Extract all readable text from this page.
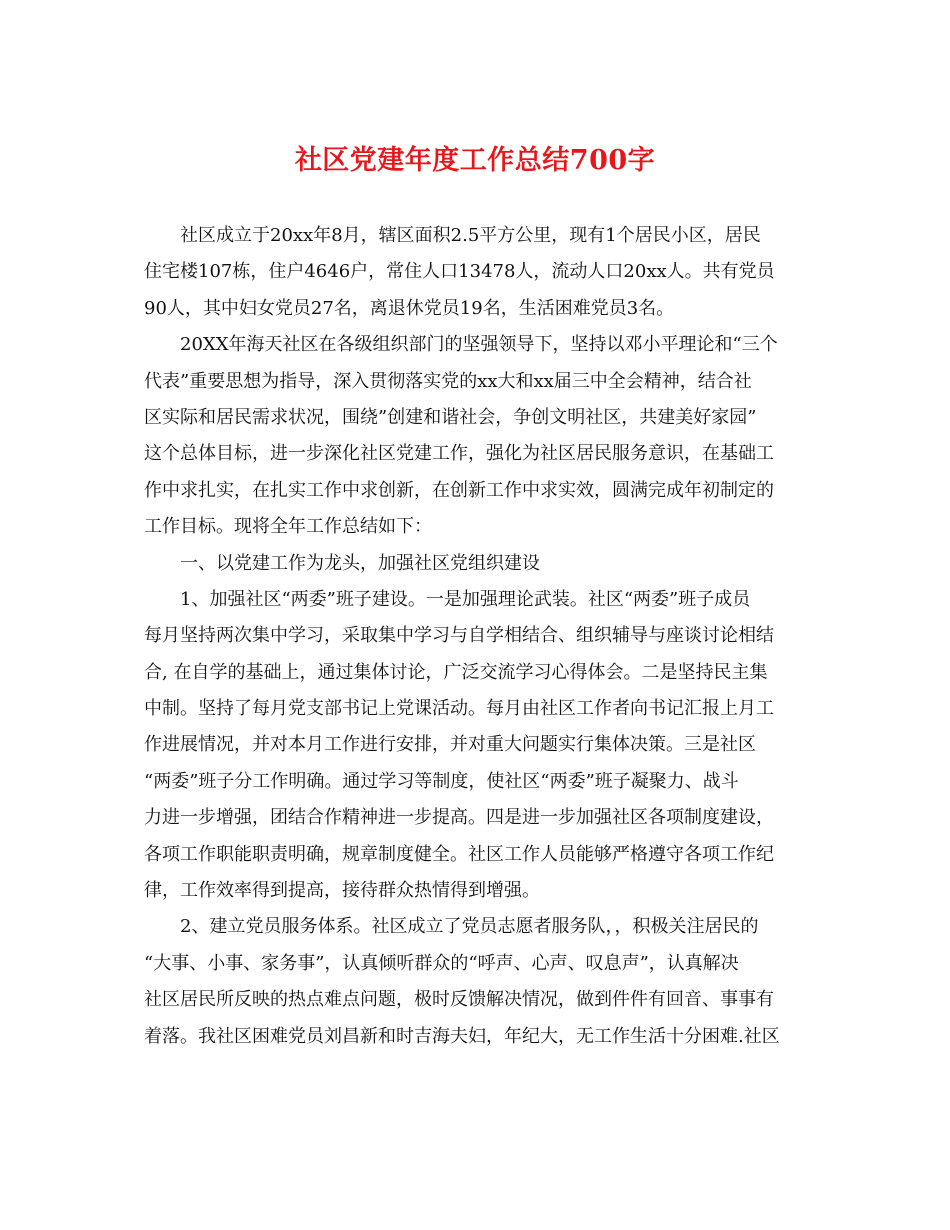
社区党建年度工作总结700字

社区成立于20xx年8月，辖区面积2.5平方公里，现有1个居民小区，居民

住宅楼107栋，住户4646户，常住人口13478人，流动人口20xx人。共有党员

90人，其中妇女党员27名，离退休党员19名，生活困难党员3名。

20XX年海天社区在各级组织部门的坚强领导下，坚持以邓小平理论和“三个

代表”重要思想为指导，深入贯彻落实党的xx大和xx届三中全会精神，结合社

区实际和居民需求状况，围绕”创建和谐社会，争创文明社区，共建美好家园”

这个总体目标，进一步深化社区党建工作，强化为社区居民服务意识，在基础工

作中求扎实，在扎实工作中求创新，在创新工作中求实效，圆满完成年初制定的

工作目标。现将全年工作总结如下：

一、以党建工作为龙头，加强社区党组织建设

1、加强社区“两委”班子建设。一是加强理论武装。社区“两委”班子成员

每月坚持两次集中学习，采取集中学习与自学相结合、组织辅导与座谈讨论相结

合, 在自学的基础上，通过集体讨论，广泛交流学习心得体会。二是坚持民主集

中制。坚持了每月党支部书记上党课活动。每月由社区工作者向书记汇报上月工

作进展情况，并对本月工作进行安排，并对重大问题实行集体决策。三是社区

“两委”班子分工作明确。通过学习等制度，使社区“两委”班子凝聚力、战斗

力进一步增强，团结合作精神进一步提高。四是进一步加强社区各项制度建设，

各项工作职能职责明确，规章制度健全。社区工作人员能够严格遵守各项工作纪

律，工作效率得到提高，接待群众热情得到增强。

2、建立党员服务体系。社区成立了党员志愿者服务队，，积极关注居民的

“大事、小事、家务事”，认真倾听群众的“呼声、心声、叹息声”，认真解决

社区居民所反映的热点难点问题，极时反馈解决情况，做到件件有回音、事事有

着落。我社区困难党员刘昌新和时吉海夫妇，年纪大，无工作生活十分困难.社区
